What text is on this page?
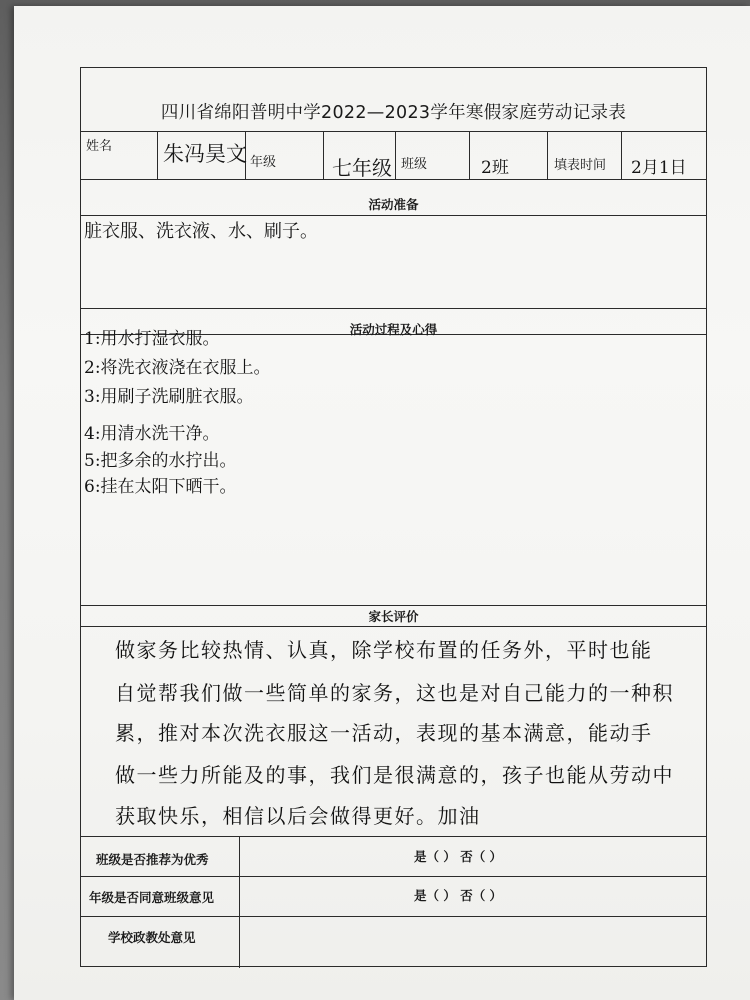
四川省绵阳普明中学2022—2023学年寒假家庭劳动记录表
姓名 朱冯昊文 年级	七年级 班级	2班	填表时间 2月1日
活动准备
脏衣服、洗衣液、水、刷子。
活动过程及心得
1:用水打湿衣服。
2:将洗衣液浇在衣服上。
3:用刷子洗刷脏衣服。
4:用清水洗干净。
5:把多余的水拧出。
6:挂在太阳下晒干。
家长评价
做家务比较热情、认真，除学校布置的任务外，平时也能
自觉帮我们做一些简单的家务，这也是对自己能力的一种积
累，推对本次洗衣服这一活动，表现的基本满意，能动手
做一些力所能及的事，我们是很满意的，孩子也能从劳动中
获取快乐，相信以后会做得更好。加油
班级是否推荐为优秀	是（ ） 否（ ）
年级是否同意班级意见	是（ ） 否（ ）
学校政教处意见
